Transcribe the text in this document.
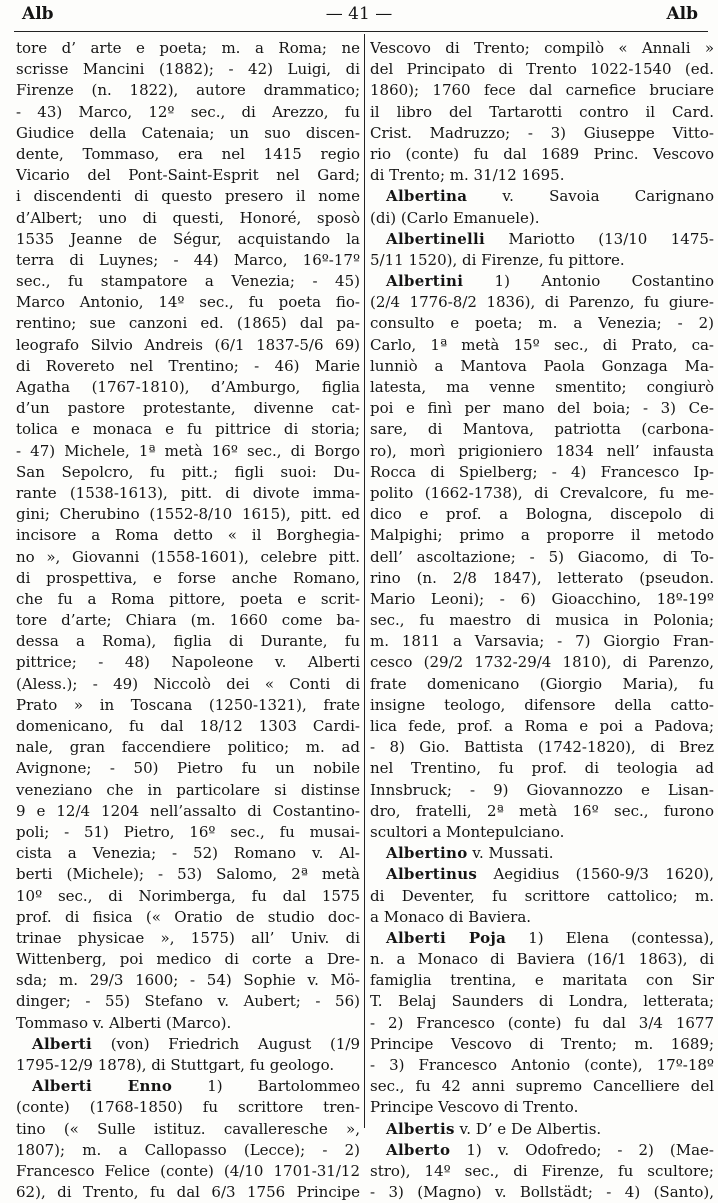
Alb	— 41 —	Alb
tore d’ arte e poeta; m. a Roma; ne
scrisse Mancini (1882); - 42) Luigi, di
Firenze (n. 1822), autore drammatico;
- 43) Marco, 12º sec., di Arezzo, fu
Giudice della Catenaia; un suo discen-
dente, Tommaso, era nel 1415 regio
Vicario del Pont-Saint-Esprit nel Gard;
i discendenti di questo presero il nome
d’Albert; uno di questi, Honoré, sposò
1535 Jeanne de Ségur, acquistando la
terra di Luynes; - 44) Marco, 16º-17º
sec., fu stampatore a Venezia; - 45)
Marco Antonio, 14º sec., fu poeta fio-
rentino; sue canzoni ed. (1865) dal pa-
leografo Silvio Andreis (6/1 1837-5/6 69)
di Rovereto nel Trentino; - 46) Marie
Agatha (1767-1810), d’Amburgo, figlia
d’un pastore protestante, divenne cat-
tolica e monaca e fu pittrice di storia;
- 47) Michele, 1ª metà 16º sec., di Borgo
San Sepolcro, fu pitt.; figli suoi: Du-
rante (1538-1613), pitt. di divote imma-
gini; Cherubino (1552-8/10 1615), pitt. ed
incisore a Roma detto « il Borghegia-
no », Giovanni (1558-1601), celebre pitt.
di prospettiva, e forse anche Romano,
che fu a Roma pittore, poeta e scrit-
tore d’arte; Chiara (m. 1660 come ba-
dessa a Roma), figlia di Durante, fu
pittrice; - 48) Napoleone v. Alberti
(Aless.); - 49) Niccolò dei « Conti di
Prato » in Toscana (1250-1321), frate
domenicano, fu dal 18/12 1303 Cardi-
nale, gran faccendiere politico; m. ad
Avignone; - 50) Pietro fu un nobile
veneziano che in particolare si distinse
9 e 12/4 1204 nell’assalto di Costantino-
poli; - 51) Pietro, 16º sec., fu musai-
cista a Venezia; - 52) Romano v. Al-
berti (Michele); - 53) Salomo, 2ª metà
10º sec., di Norimberga, fu dal 1575
prof. di fisica (« Oratio de studio doc-
trinae physicae », 1575) all’ Univ. di
Wittenberg, poi medico di corte a Dre-
sda; m. 29/3 1600; - 54) Sophie v. Mö-
dinger; - 55) Stefano v. Aubert; - 56)
Tommaso v. Alberti (Marco).
Alberti (von) Friedrich August (1/9
1795-12/9 1878), di Stuttgart, fu geologo.
Alberti Enno 1) Bartolommeo
(conte) (1768-1850) fu scrittore tren-
tino (« Sulle istituz. cavalleresche »,
1807); m. a Callopasso (Lecce); - 2)
Francesco Felice (conte) (4/10 1701-31/12
62), di Trento, fu dal 6/3 1756 Principe
Vescovo di Trento; compilò « Annali »
del Principato di Trento 1022-1540 (ed.
1860); 1760 fece dal carnefice bruciare
il libro del Tartarotti contro il Card.
Crist. Madruzzo; - 3) Giuseppe Vitto-
rio (conte) fu dal 1689 Princ. Vescovo
di Trento; m. 31/12 1695.
Albertina v. Savoia Carignano
(di) (Carlo Emanuele).
Albertinelli Mariotto (13/10 1475-
5/11 1520), di Firenze, fu pittore.
Albertini 1) Antonio Costantino
(2/4 1776-8/2 1836), di Parenzo, fu giure-
consulto e poeta; m. a Venezia; - 2)
Carlo, 1ª metà 15º sec., di Prato, ca-
lunniò a Mantova Paola Gonzaga Ma-
latesta, ma venne smentito; congiurò
poi e finì per mano del boia; - 3) Ce-
sare, di Mantova, patriotta (carbona-
ro), morì prigioniero 1834 nell’ infausta
Rocca di Spielberg; - 4) Francesco Ip-
polito (1662-1738), di Crevalcore, fu me-
dico e prof. a Bologna, discepolo di
Malpighi; primo a proporre il metodo
dell’ ascoltazione; - 5) Giacomo, di To-
rino (n. 2/8 1847), letterato (pseudon.
Mario Leoni); - 6) Gioacchino, 18º-19º
sec., fu maestro di musica in Polonia;
m. 1811 a Varsavia; - 7) Giorgio Fran-
cesco (29/2 1732-29/4 1810), di Parenzo,
frate domenicano (Giorgio Maria), fu
insigne teologo, difensore della catto-
lica fede, prof. a Roma e poi a Padova;
- 8) Gio. Battista (1742-1820), di Brez
nel Trentino, fu prof. di teologia ad
Innsbruck; - 9) Giovannozzo e Lisan-
dro, fratelli, 2ª metà 16º sec., furono
scultori a Montepulciano.
Albertino v. Mussati.
Albertinus Aegidius (1560-9/3 1620),
di Deventer, fu scrittore cattolico; m.
a Monaco di Baviera.
Alberti Poja 1) Elena (contessa),
n. a Monaco di Baviera (16/1 1863), di
famiglia trentina, e maritata con Sir
T. Belaj Saunders di Londra, letterata;
- 2) Francesco (conte) fu dal 3/4 1677
Principe Vescovo di Trento; m. 1689;
- 3) Francesco Antonio (conte), 17º-18º
sec., fu 42 anni supremo Cancelliere del
Principe Vescovo di Trento.
Albertis v. D’ e De Albertis.
Alberto 1) v. Odofredo; - 2) (Mae-
stro), 14º sec., di Firenze, fu scultore;
- 3) (Magno) v. Bollstädt; - 4) (Santo),
